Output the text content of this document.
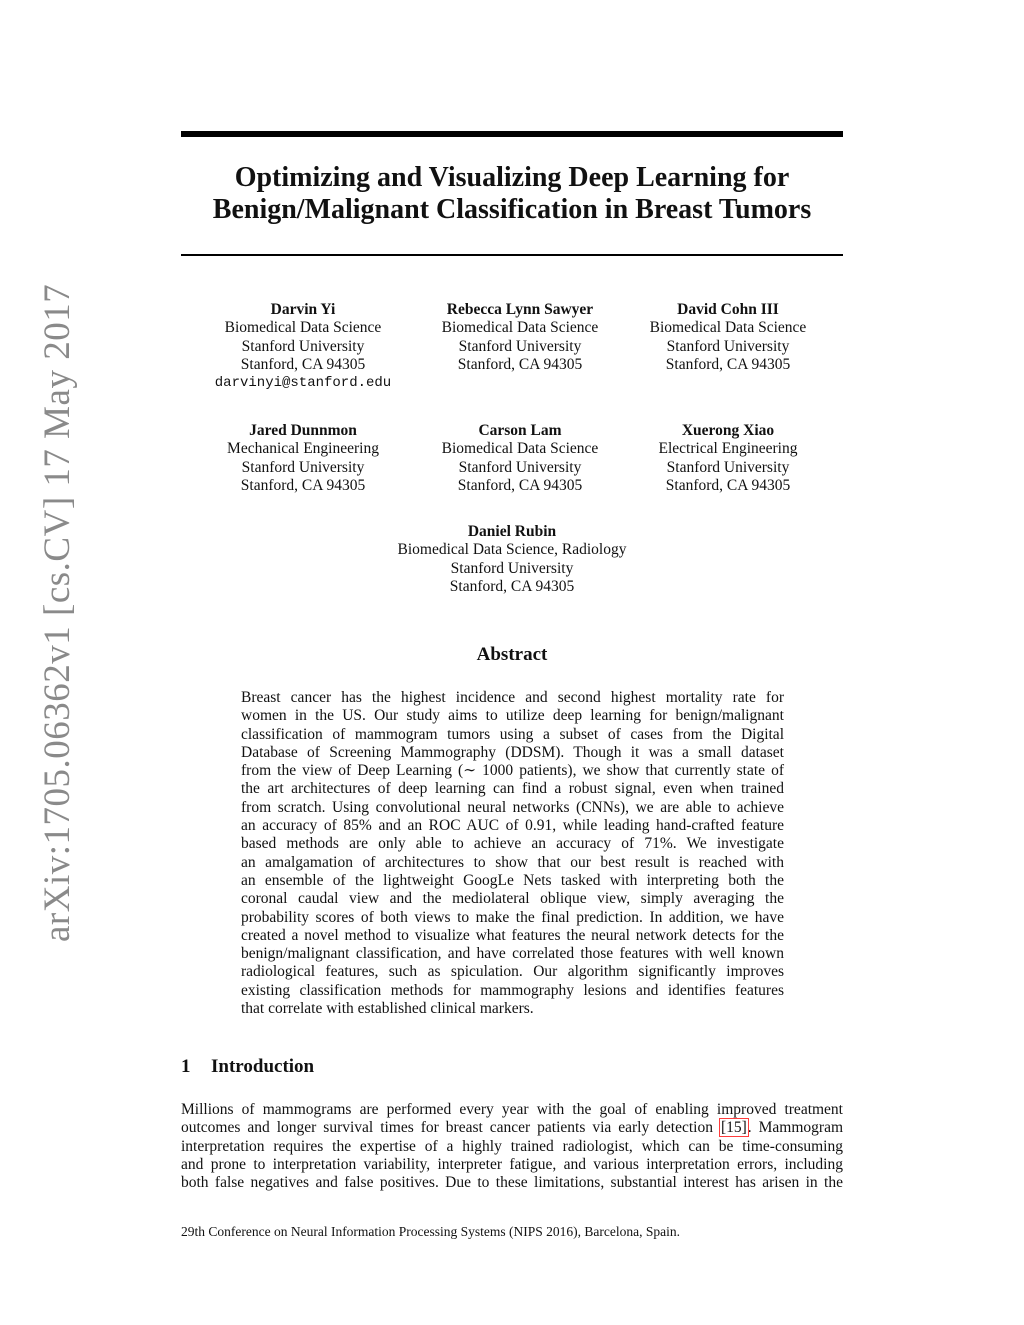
arXiv:1705.06362v1 [cs.CV] 17 May 2017
Optimizing and Visualizing Deep Learning for
Benign/Malignant Classification in Breast Tumors
Darvin Yi
Biomedical Data Science
Stanford University
Stanford, CA 94305
darvinyi@stanford.edu
Rebecca Lynn Sawyer
Biomedical Data Science
Stanford University
Stanford, CA 94305
David Cohn III
Biomedical Data Science
Stanford University
Stanford, CA 94305
Jared Dunnmon
Mechanical Engineering
Stanford University
Stanford, CA 94305
Carson Lam
Biomedical Data Science
Stanford University
Stanford, CA 94305
Xuerong Xiao
Electrical Engineering
Stanford University
Stanford, CA 94305
Daniel Rubin
Biomedical Data Science, Radiology
Stanford University
Stanford, CA 94305
Abstract
Breast cancer has the highest incidence and second highest mortality rate for
women in the US. Our study aims to utilize deep learning for benign/malignant
classification of mammogram tumors using a subset of cases from the Digital
Database of Screening Mammography (DDSM). Though it was a small dataset
from the view of Deep Learning (∼ 1000 patients), we show that currently state of
the art architectures of deep learning can find a robust signal, even when trained
from scratch. Using convolutional neural networks (CNNs), we are able to achieve
an accuracy of 85% and an ROC AUC of 0.91, while leading hand-crafted feature
based methods are only able to achieve an accuracy of 71%. We investigate
an amalgamation of architectures to show that our best result is reached with
an ensemble of the lightweight GoogLe Nets tasked with interpreting both the
coronal caudal view and the mediolateral oblique view, simply averaging the
probability scores of both views to make the final prediction. In addition, we have
created a novel method to visualize what features the neural network detects for the
benign/malignant classification, and have correlated those features with well known
radiological features, such as spiculation. Our algorithm significantly improves
existing classification methods for mammography lesions and identifies features
that correlate with established clinical markers.
1 Introduction
Millions of mammograms are performed every year with the goal of enabling improved treatment
outcomes and longer survival times for breast cancer patients via early detection [15]. Mammogram
interpretation requires the expertise of a highly trained radiologist, which can be time-consuming
and prone to interpretation variability, interpreter fatigue, and various interpretation errors, including
both false negatives and false positives. Due to these limitations, substantial interest has arisen in the
29th Conference on Neural Information Processing Systems (NIPS 2016), Barcelona, Spain.
